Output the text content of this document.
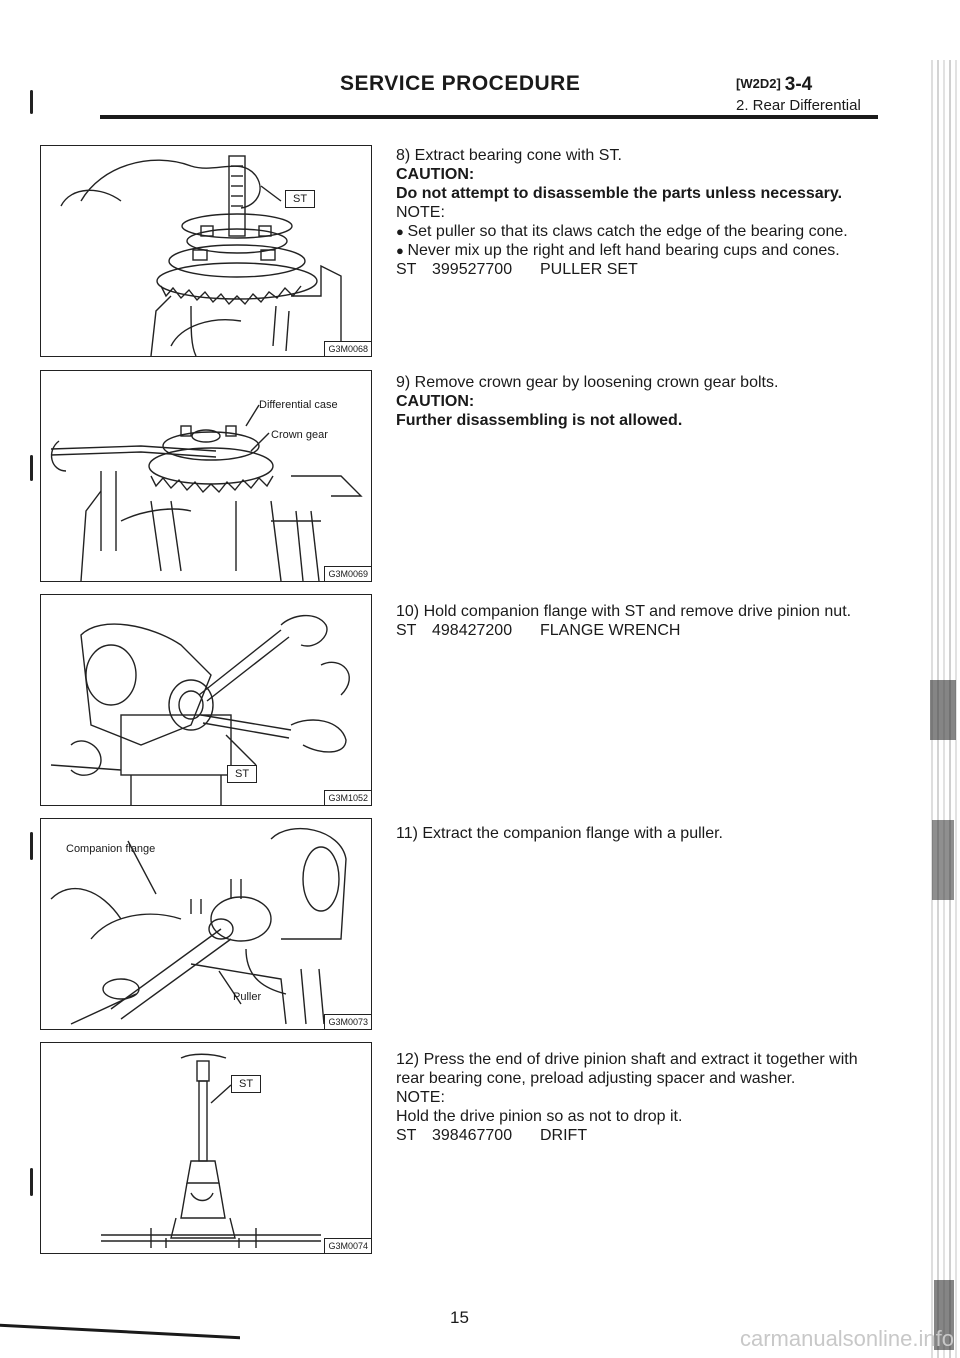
SERVICE PROCEDURE	[W2D2] 3-4
2. Rear Differential
ST
G3M0068
Differential case
Crown gear
G3M0069
ST
G3M1052
Companion flange
Puller
G3M0073
ST
G3M0074

8) Extract bearing cone with ST.

CAUTION:

Do not attempt to disassemble the parts unless necessary.

NOTE:

● Set puller so that its claws catch the edge of the bearing cone.

● Never mix up the right and left hand bearing cups and cones.

ST 399527700 PULLER SET

9) Remove crown gear by loosening crown gear bolts.

CAUTION:

Further disassembling is not allowed.

10) Hold companion flange with ST and remove drive pinion nut.

ST 498427200 FLANGE WRENCH

11) Extract the companion flange with a puller.

12) Press the end of drive pinion shaft and extract it together with rear bearing cone, preload adjusting spacer and washer.

NOTE:

Hold the drive pinion so as not to drop it.

ST 398467700 DRIFT

15
carmanualsonline.info
